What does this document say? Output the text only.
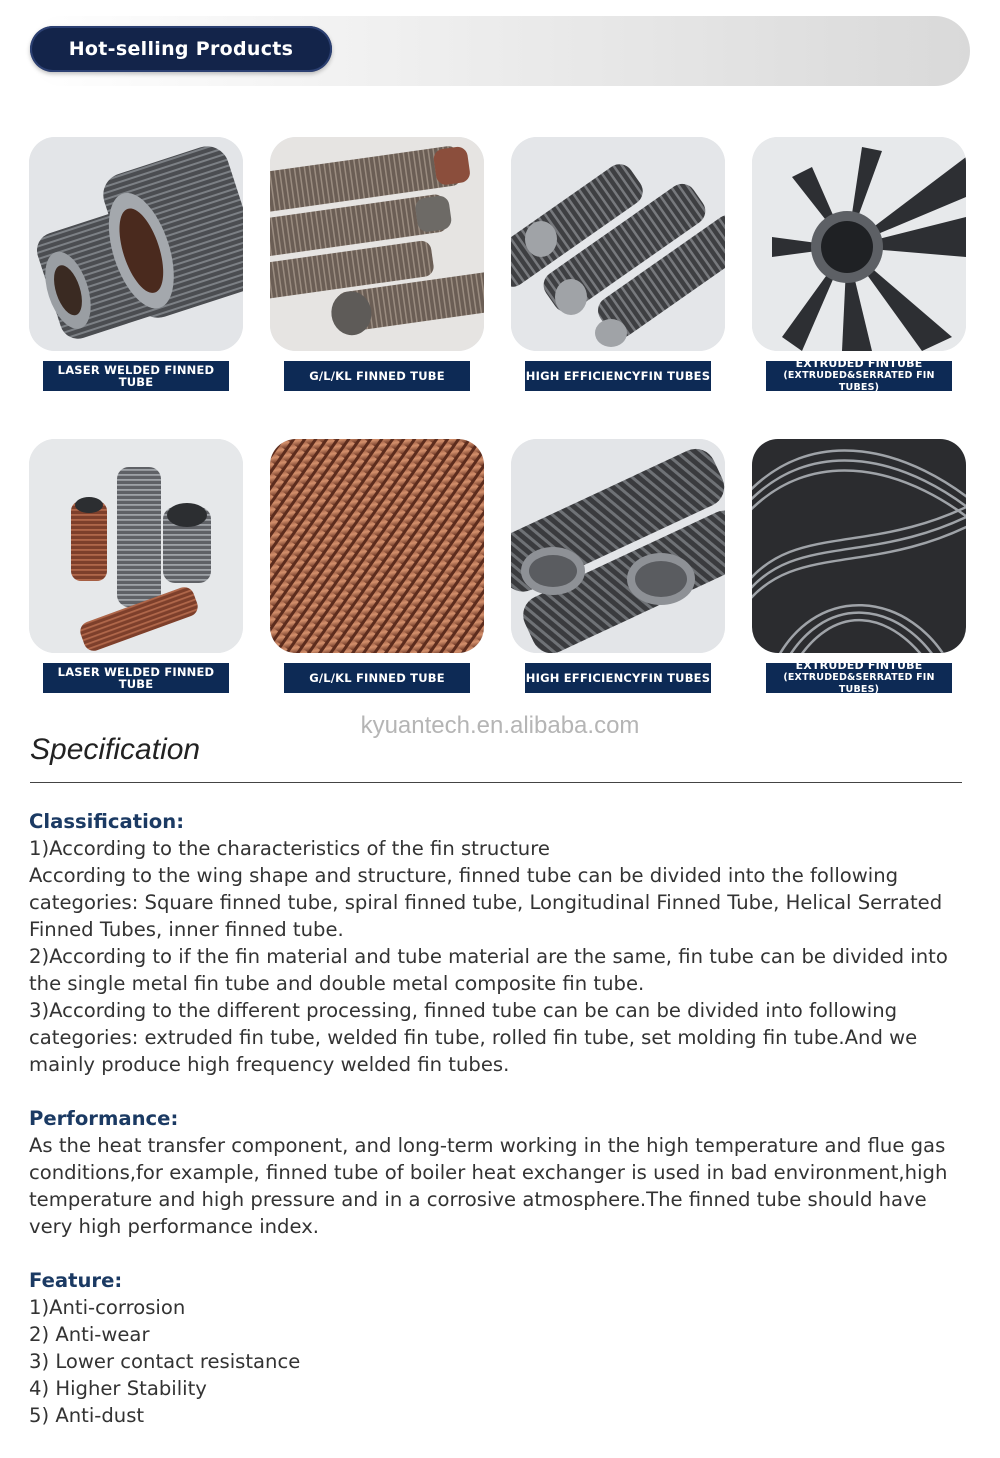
Hot-selling Products
LASER WELDED FINNED TUBE	G/L/KL FINNED TUBE	HIGH EFFICIENCYFIN TUBES
EXTRUDED FINTUBE
(EXTRUDED&SERRATED FIN TUBES)
LASER WELDED FINNED TUBE	G/L/KL FINNED TUBE	HIGH EFFICIENCYFIN TUBES
EXTRUDED FINTUBE
(EXTRUDED&SERRATED FIN TUBES)
kyuantech.en.alibaba.com
Specification
Classification:

1)According to the characteristics of the fin structure

According to the wing shape and structure, finned tube can be divided into the following categories: Square finned tube, spiral finned tube, Longitudinal Finned Tube, Helical Serrated Finned Tubes, inner finned tube.

2)According to if the fin material and tube material are the same, fin tube can be divided into the single metal fin tube and double metal composite fin tube.

3)According to the different processing, finned tube can be can be divided into following categories: extruded fin tube, welded fin tube, rolled fin tube, set molding fin tube.And we mainly produce high frequency welded fin tubes.

Performance:

As the heat transfer component, and long-term working in the high temperature and flue gas conditions,for example, finned tube of boiler heat exchanger is used in bad environment,high temperature and high pressure and in a corrosive atmosphere.The finned tube should have very high performance index.

Feature:

1)Anti-corrosion

2) Anti-wear

3) Lower contact resistance

4) Higher Stability

5) Anti-dust
